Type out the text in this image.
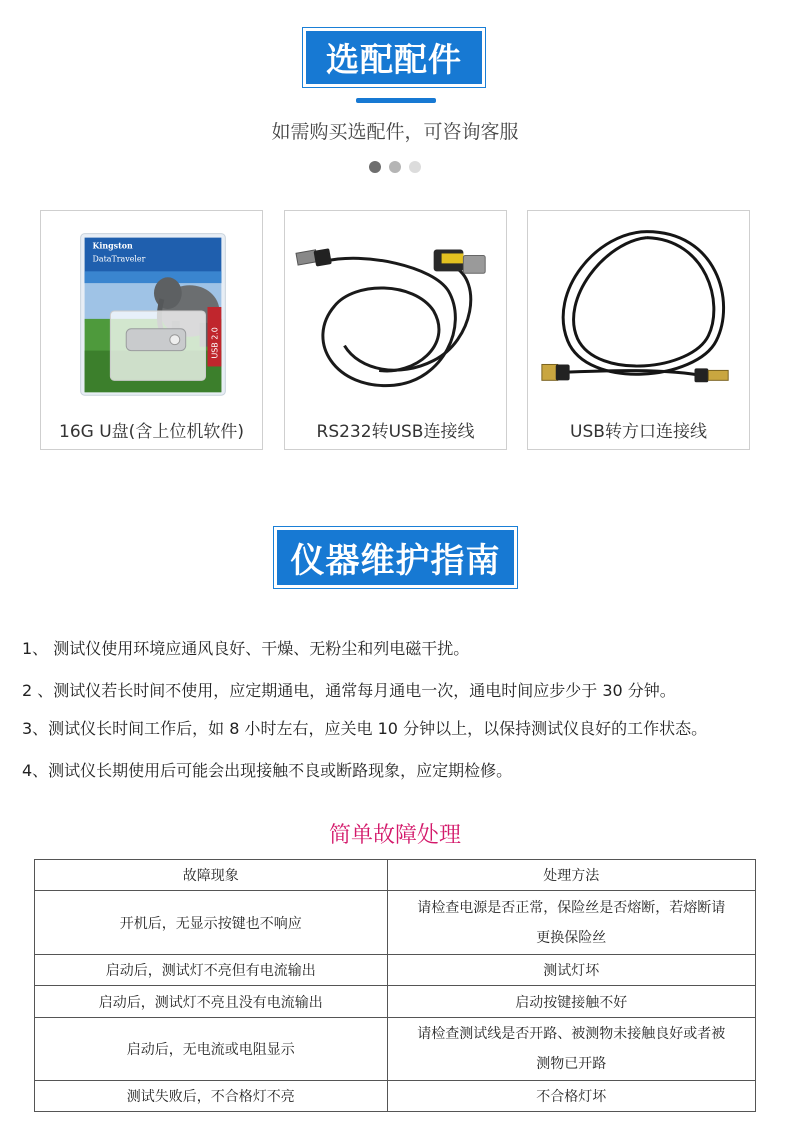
选配配件
如需购买选配件，可咨询客服
Kingston
DataTraveler
USB 2.0
16G U盘(含上位机软件)	RS232转USB连接线	USB转方口连接线
仪器维护指南
1、 测试仪使用环境应通风良好、干燥、无粉尘和列电磁干扰。
2 、测试仪若长时间不使用，应定期通电，通常每月通电一次，通电时间应步少于 30 分钟。
3、测试仪长时间工作后，如 8 小时左右，应关电 10 分钟以上，以保持测试仪良好的工作状态。
4、测试仪长期使用后可能会出现接触不良或断路现象，应定期检修。
简单故障处理
故障现象	处理方法
开机后，无显示按键也不响应	请检查电源是否正常，保险丝是否熔断，若熔断请
更换保险丝

启动后，测试灯不亮但有电流输出	测试灯坏
启动后，测试灯不亮且没有电流输出	启动按键接触不好
启动后，无电流或电阻显示	请检查测试线是否开路、被测物未接触良好或者被
测物已开路

测试失败后，不合格灯不亮	不合格灯坏
